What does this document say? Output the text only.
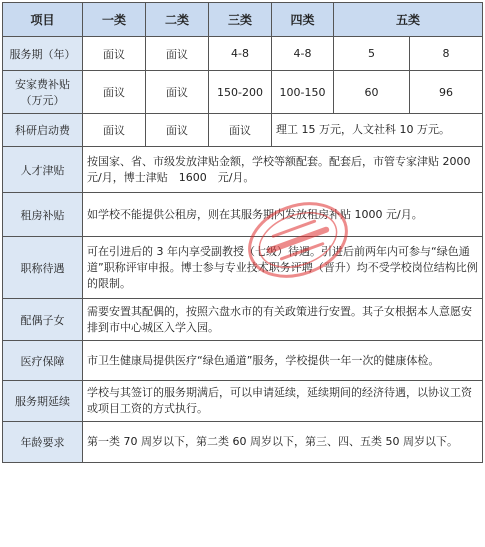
项目	一类	二类	三类	四类	五类	
服务期（年）	面议	面议	4-8	4-8	5	8
安家费补贴（万元）	面议	面议	150-200	100-150	60	96
科研启动费	面议	面议	面议	理工 15 万元，人文社科 10 万元。		
人才津贴	按国家、省、市级发放津贴金额，学校等额配套。配套后，市管专家津贴 2000　元/月，博士津贴　1600　元/月。					
租房补贴	如学校不能提供公租房，则在其服务期内发放租房补贴 1000 元/月。					
职称待遇	可在引进后的 3 年内享受副教授（七级）待遇。引进后前两年内可参与“绿色通道”职称评审申报。博士参与专业技术职务评聘（晋升）均不受学校岗位结构比例的限制。					
配偶子女	需要安置其配偶的，按照六盘水市的有关政策进行安置。其子女根据本人意愿安排到市中心城区入学入园。					
医疗保障	市卫生健康局提供医疗“绿色通道”服务，学校提供一年一次的健康体检。					
服务期延续	学校与其签订的服务期满后，可以申请延续，延续期间的经济待遇，以协议工资或项目工资的方式执行。					
年龄要求	第一类 70 周岁以下，第二类 60 周岁以下，第三、四、五类 50 周岁以下。					
